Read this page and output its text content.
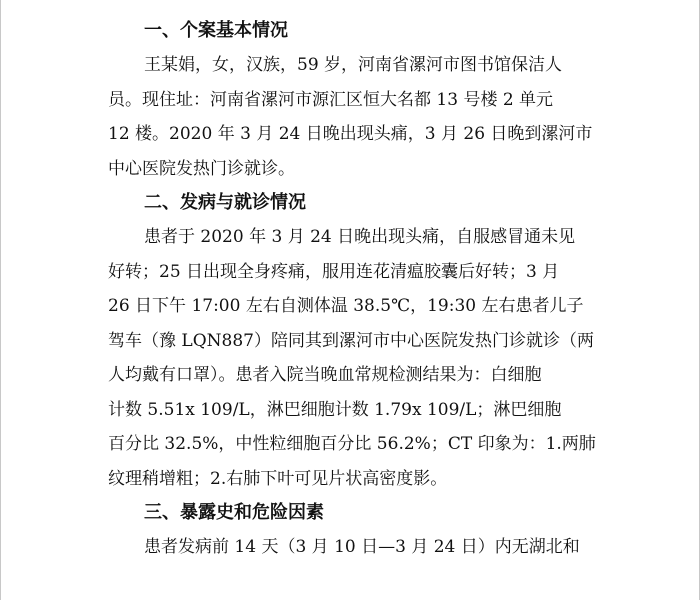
一、个案基本情况
王某娟，女，汉族，59 岁，河南省漯河市图书馆保洁人
员。现住址：河南省漯河市源汇区恒大名都 13 号楼 2 单元
12 楼。2020 年 3 月 24 日晚出现头痛，3 月 26 日晚到漯河市
中心医院发热门诊就诊。
二、发病与就诊情况
患者于 2020 年 3 月 24 日晚出现头痛，自服感冒通未见
好转；25 日出现全身疼痛，服用连花清瘟胶囊后好转；3 月
26 日下午 17:00 左右自测体温 38.5℃，19:30 左右患者儿子
驾车（豫 LQN887）陪同其到漯河市中心医院发热门诊就诊（两
人均戴有口罩）。患者入院当晚血常规检测结果为：白细胞
计数 5.51x 109/L，淋巴细胞计数 1.79x 109/L；淋巴细胞
百分比 32.5%，中性粒细胞百分比 56.2%；CT 印象为：1.两肺
纹理稍增粗；2.右肺下叶可见片状高密度影。
三、暴露史和危险因素
患者发病前 14 天（3 月 10 日—3 月 24 日）内无湖北和
